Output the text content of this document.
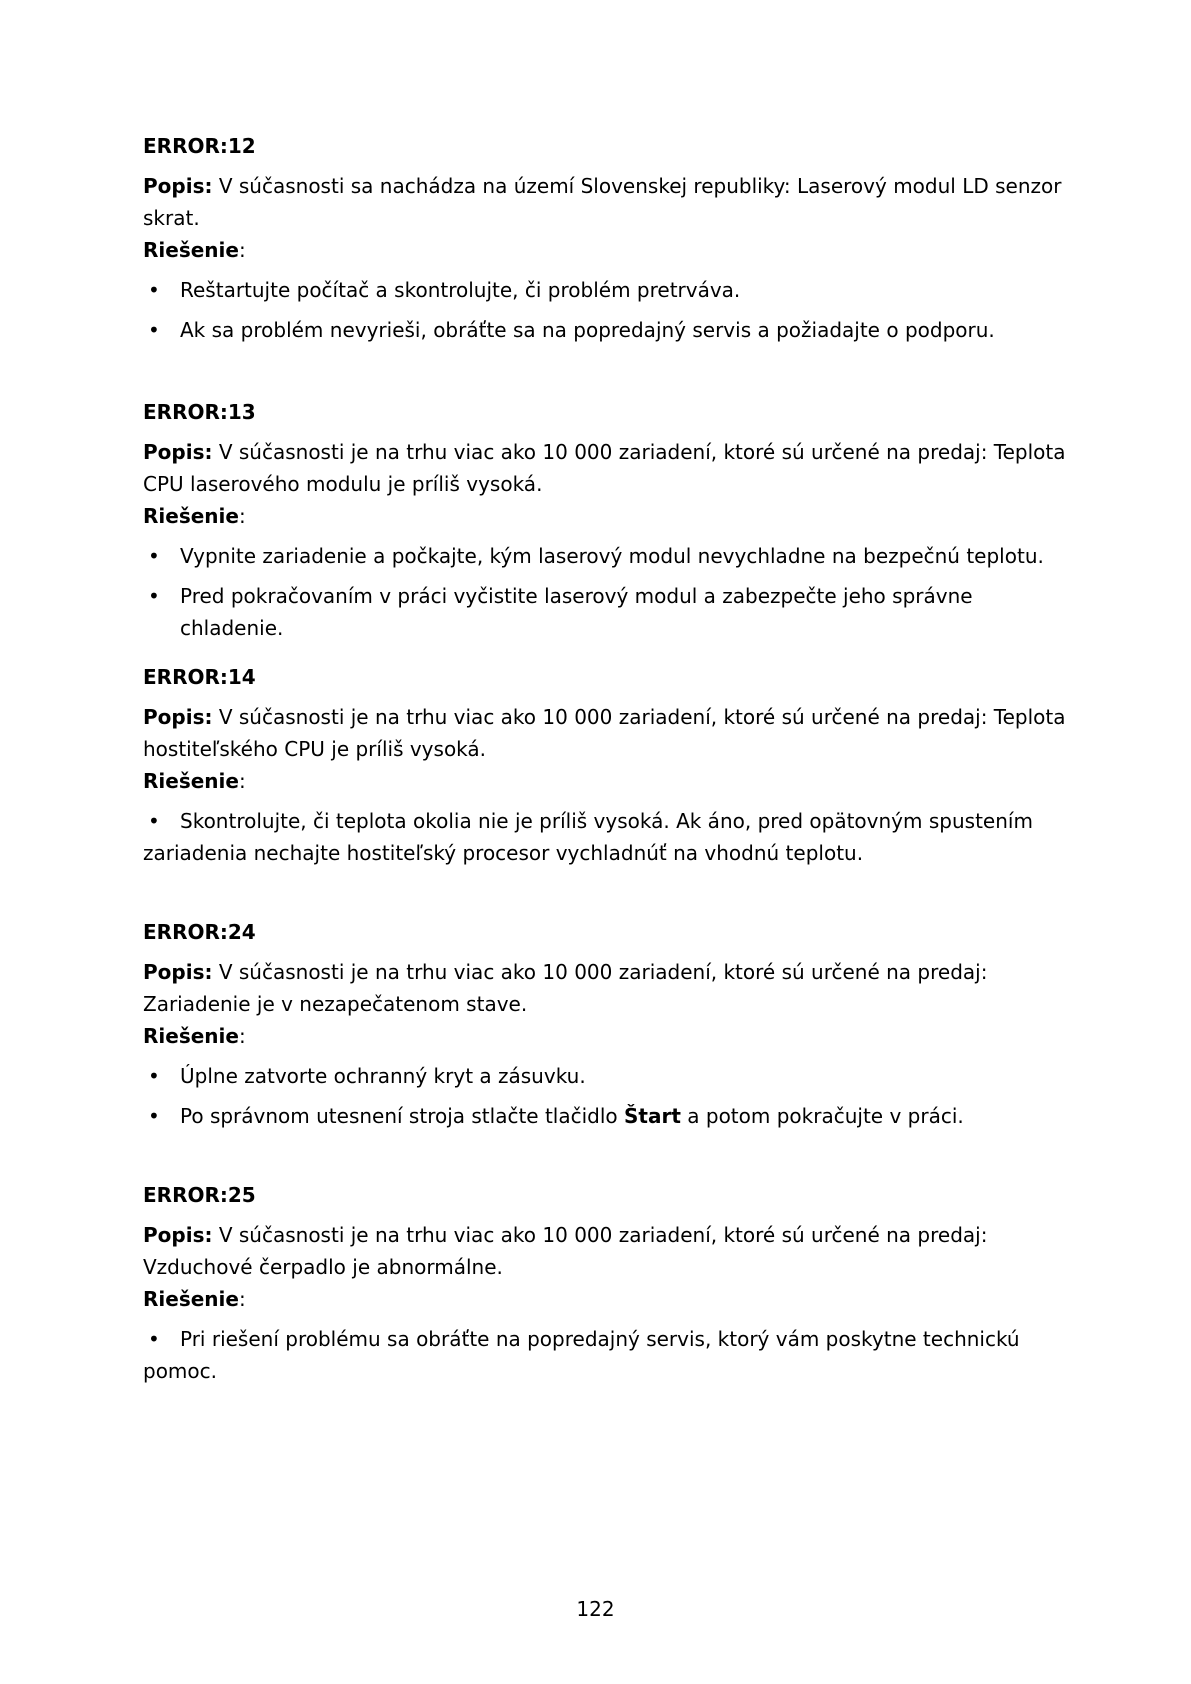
ERROR:12

Popis: V súčasnosti sa nachádza na území Slovenskej republiky: Laserový modul LD senzor skrat.

Riešenie:

• Reštartujte počítač a skontrolujte, či problém pretrváva.
• Ak sa problém nevyrieši, obráťte sa na popredajný servis a požiadajte o podporu.
ERROR:13

Popis: V súčasnosti je na trhu viac ako 10 000 zariadení, ktoré sú určené na predaj: Teplota CPU laserového modulu je príliš vysoká.

Riešenie:

• Vypnite zariadenie a počkajte, kým laserový modul nevychladne na bezpečnú teplotu.
• Pred pokračovaním v práci vyčistite laserový modul a zabezpečte jeho správne chladenie.
ERROR:14

Popis: V súčasnosti je na trhu viac ako 10 000 zariadení, ktoré sú určené na predaj: Teplota hostiteľského CPU je príliš vysoká.

Riešenie:

• Skontrolujte, či teplota okolia nie je príliš vysoká. Ak áno, pred opätovným spustením zariadenia nechajte hostiteľský procesor vychladnúť na vhodnú teplotu.
ERROR:24

Popis: V súčasnosti je na trhu viac ako 10 000 zariadení, ktoré sú určené na predaj: Zariadenie je v nezapečatenom stave.

Riešenie:

• Úplne zatvorte ochranný kryt a zásuvku.
• Po správnom utesnení stroja stlačte tlačidlo Štart a potom pokračujte v práci.
ERROR:25

Popis: V súčasnosti je na trhu viac ako 10 000 zariadení, ktoré sú určené na predaj: Vzduchové čerpadlo je abnormálne.

Riešenie:

• Pri riešení problému sa obráťte na popredajný servis, ktorý vám poskytne technickú pomoc.
122
